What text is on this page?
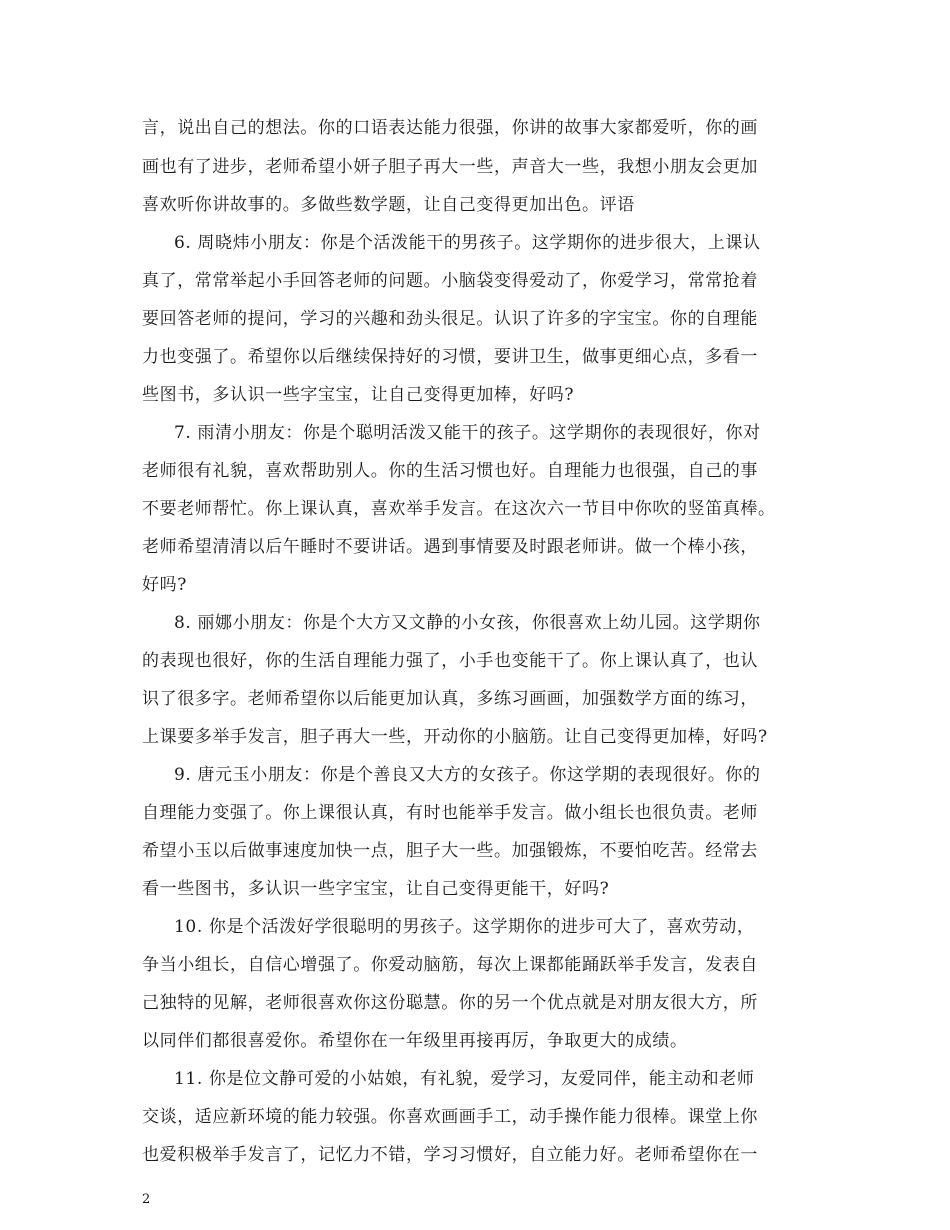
言，说出自己的想法。你的口语表达能力很强，你讲的故事大家都爱听，你的画
画也有了进步，老师希望小妍子胆子再大一些，声音大一些，我想小朋友会更加
喜欢听你讲故事的。多做些数学题，让自己变得更加出色。评语
6. 周晓炜小朋友：你是个活泼能干的男孩子。这学期你的进步很大，上课认
真了，常常举起小手回答老师的问题。小脑袋变得爱动了，你爱学习，常常抢着
要回答老师的提问，学习的兴趣和劲头很足。认识了许多的字宝宝。你的自理能
力也变强了。希望你以后继续保持好的习惯，要讲卫生，做事更细心点，多看一
些图书，多认识一些字宝宝，让自己变得更加棒，好吗?
7. 雨清小朋友：你是个聪明活泼又能干的孩子。这学期你的表现很好，你对
老师很有礼貌，喜欢帮助别人。你的生活习惯也好。自理能力也很强，自己的事
不要老师帮忙。你上课认真，喜欢举手发言。在这次六一节目中你吹的竖笛真棒。
老师希望清清以后午睡时不要讲话。遇到事情要及时跟老师讲。做一个棒小孩，
好吗?
8. 丽娜小朋友：你是个大方又文静的小女孩，你很喜欢上幼儿园。这学期你
的表现也很好，你的生活自理能力强了，小手也变能干了。你上课认真了，也认
识了很多字。老师希望你以后能更加认真，多练习画画，加强数学方面的练习，
上课要多举手发言，胆子再大一些，开动你的小脑筋。让自己变得更加棒，好吗?
9. 唐元玉小朋友：你是个善良又大方的女孩子。你这学期的表现很好。你的
自理能力变强了。你上课很认真，有时也能举手发言。做小组长也很负责。老师
希望小玉以后做事速度加快一点，胆子大一些。加强锻炼，不要怕吃苦。经常去
看一些图书，多认识一些字宝宝，让自己变得更能干，好吗?
10. 你是个活泼好学很聪明的男孩子。这学期你的进步可大了，喜欢劳动，
争当小组长，自信心增强了。你爱动脑筋，每次上课都能踊跃举手发言，发表自
己独特的见解，老师很喜欢你这份聪慧。你的另一个优点就是对朋友很大方，所
以同伴们都很喜爱你。希望你在一年级里再接再厉，争取更大的成绩。
11. 你是位文静可爱的小姑娘，有礼貌，爱学习，友爱同伴，能主动和老师
交谈，适应新环境的能力较强。你喜欢画画手工，动手操作能力很棒。课堂上你
也爱积极举手发言了，记忆力不错，学习习惯好，自立能力好。老师希望你在一
2
